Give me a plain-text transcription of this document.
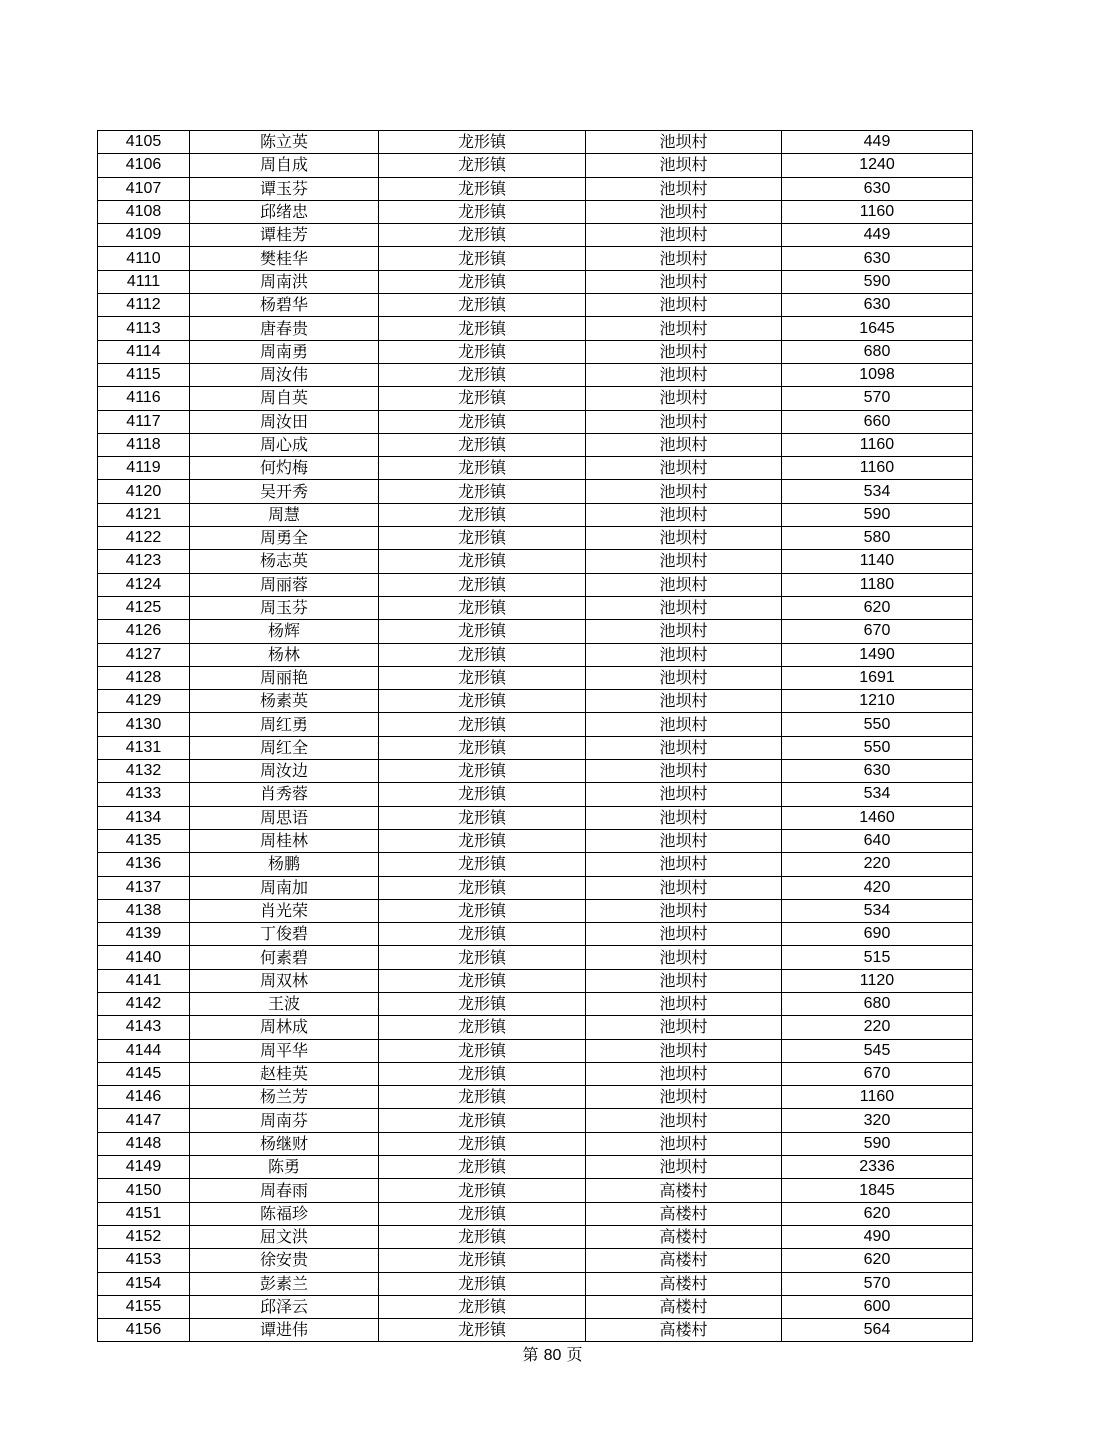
4105	陈立英	龙形镇	池坝村	449
4106	周自成	龙形镇	池坝村	1240
4107	谭玉芬	龙形镇	池坝村	630
4108	邱绪忠	龙形镇	池坝村	1160
4109	谭桂芳	龙形镇	池坝村	449
4110	樊桂华	龙形镇	池坝村	630
4111	周南洪	龙形镇	池坝村	590
4112	杨碧华	龙形镇	池坝村	630
4113	唐春贵	龙形镇	池坝村	1645
4114	周南勇	龙形镇	池坝村	680
4115	周汝伟	龙形镇	池坝村	1098
4116	周自英	龙形镇	池坝村	570
4117	周汝田	龙形镇	池坝村	660
4118	周心成	龙形镇	池坝村	1160
4119	何灼梅	龙形镇	池坝村	1160
4120	吴开秀	龙形镇	池坝村	534
4121	周慧	龙形镇	池坝村	590
4122	周勇全	龙形镇	池坝村	580
4123	杨志英	龙形镇	池坝村	1140
4124	周丽蓉	龙形镇	池坝村	1180
4125	周玉芬	龙形镇	池坝村	620
4126	杨辉	龙形镇	池坝村	670
4127	杨林	龙形镇	池坝村	1490
4128	周丽艳	龙形镇	池坝村	1691
4129	杨素英	龙形镇	池坝村	1210
4130	周红勇	龙形镇	池坝村	550
4131	周红全	龙形镇	池坝村	550
4132	周汝边	龙形镇	池坝村	630
4133	肖秀蓉	龙形镇	池坝村	534
4134	周思语	龙形镇	池坝村	1460
4135	周桂林	龙形镇	池坝村	640
4136	杨鹏	龙形镇	池坝村	220
4137	周南加	龙形镇	池坝村	420
4138	肖光荣	龙形镇	池坝村	534
4139	丁俊碧	龙形镇	池坝村	690
4140	何素碧	龙形镇	池坝村	515
4141	周双林	龙形镇	池坝村	1120
4142	王波	龙形镇	池坝村	680
4143	周林成	龙形镇	池坝村	220
4144	周平华	龙形镇	池坝村	545
4145	赵桂英	龙形镇	池坝村	670
4146	杨兰芳	龙形镇	池坝村	1160
4147	周南芬	龙形镇	池坝村	320
4148	杨继财	龙形镇	池坝村	590
4149	陈勇	龙形镇	池坝村	2336
4150	周春雨	龙形镇	高楼村	1845
4151	陈福珍	龙形镇	高楼村	620
4152	屈文洪	龙形镇	高楼村	490
4153	徐安贵	龙形镇	高楼村	620
4154	彭素兰	龙形镇	高楼村	570
4155	邱泽云	龙形镇	高楼村	600
4156	谭进伟	龙形镇	高楼村	564
第 80 页
